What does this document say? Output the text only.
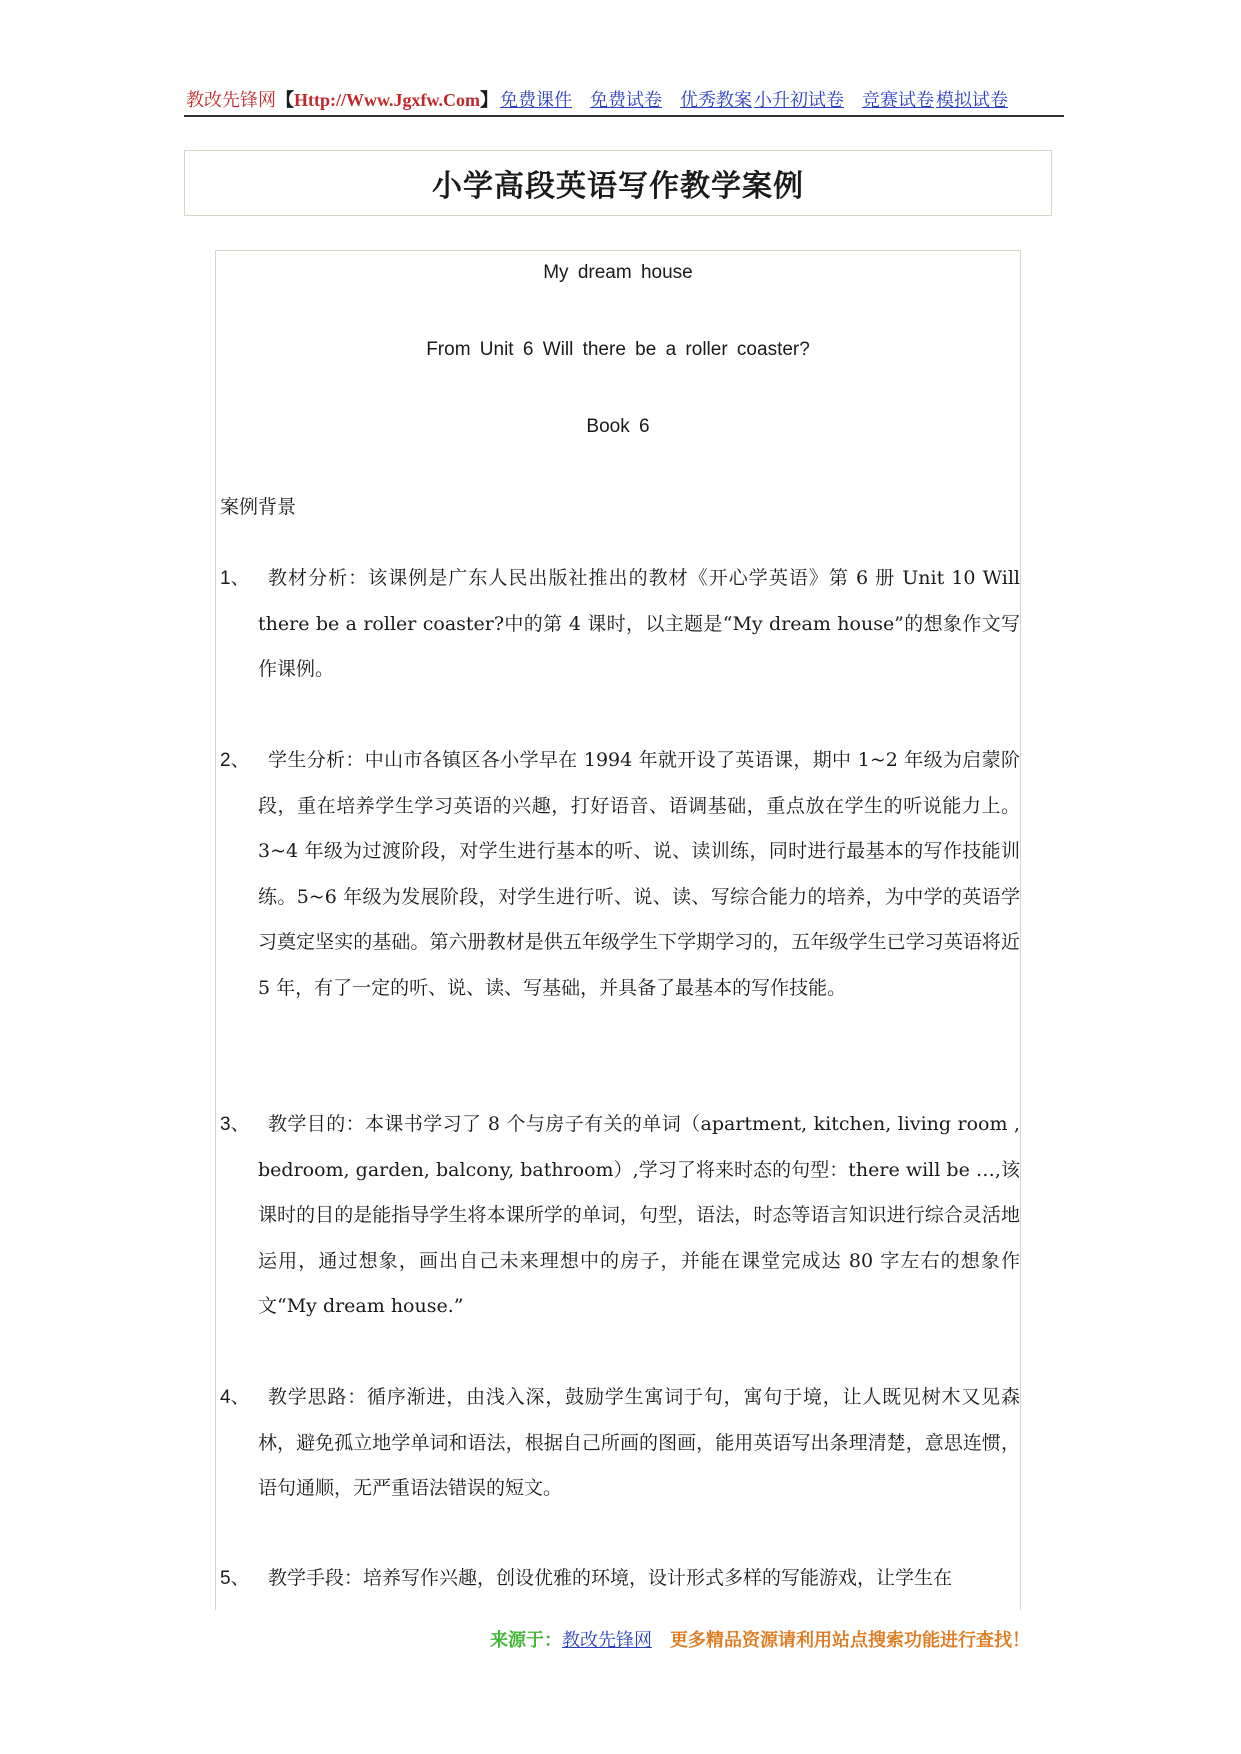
教改先锋网【Http://Www.Jgxfw.Com】 免费课件 免费试卷 优秀教案 小升初试卷 竞赛试卷 模拟试卷
小学高段英语写作教学案例
My dream house
From Unit 6 Will there be a roller coaster?
Book 6
案例背景
1、 教材分析：该课例是广东人民出版社推出的教材《开心学英语》第 6 册 Unit 10 Will there be a roller coaster?中的第 4 课时，以主题是“My dream house”的想象作文写作课例。
2、 学生分析：中山市各镇区各小学早在 1994 年就开设了英语课，期中 1~2 年级为启蒙阶段，重在培养学生学习英语的兴趣，打好语音、语调基础，重点放在学生的听说能力上。3~4 年级为过渡阶段，对学生进行基本的听、说、读训练，同时进行最基本的写作技能训练。5~6 年级为发展阶段，对学生进行听、说、读、写综合能力的培养，为中学的英语学习奠定坚实的基础。第六册教材是供五年级学生下学期学习的，五年级学生已学习英语将近 5 年，有了一定的听、说、读、写基础，并具备了最基本的写作技能。
3、 教学目的：本课书学习了 8 个与房子有关的单词（apartment, kitchen, living room , bedroom, garden, balcony, bathroom）,学习了将来时态的句型：there will be …,该课时的目的是能指导学生将本课所学的单词，句型，语法，时态等语言知识进行综合灵活地运用，通过想象，画出自己未来理想中的房子，并能在课堂完成达 80 字左右的想象作文“My dream house.”
4、 教学思路：循序渐进，由浅入深，鼓励学生寓词于句，寓句于境，让人既见树木又见森林，避免孤立地学单词和语法，根据自己所画的图画，能用英语写出条理清楚，意思连惯，语句通顺，无严重语法错误的短文。
5、 教学手段：培养写作兴趣，创设优雅的环境，设计形式多样的写能游戏，让学生在
来源于：教改先锋网 更多精品资源请利用站点搜索功能进行查找！
